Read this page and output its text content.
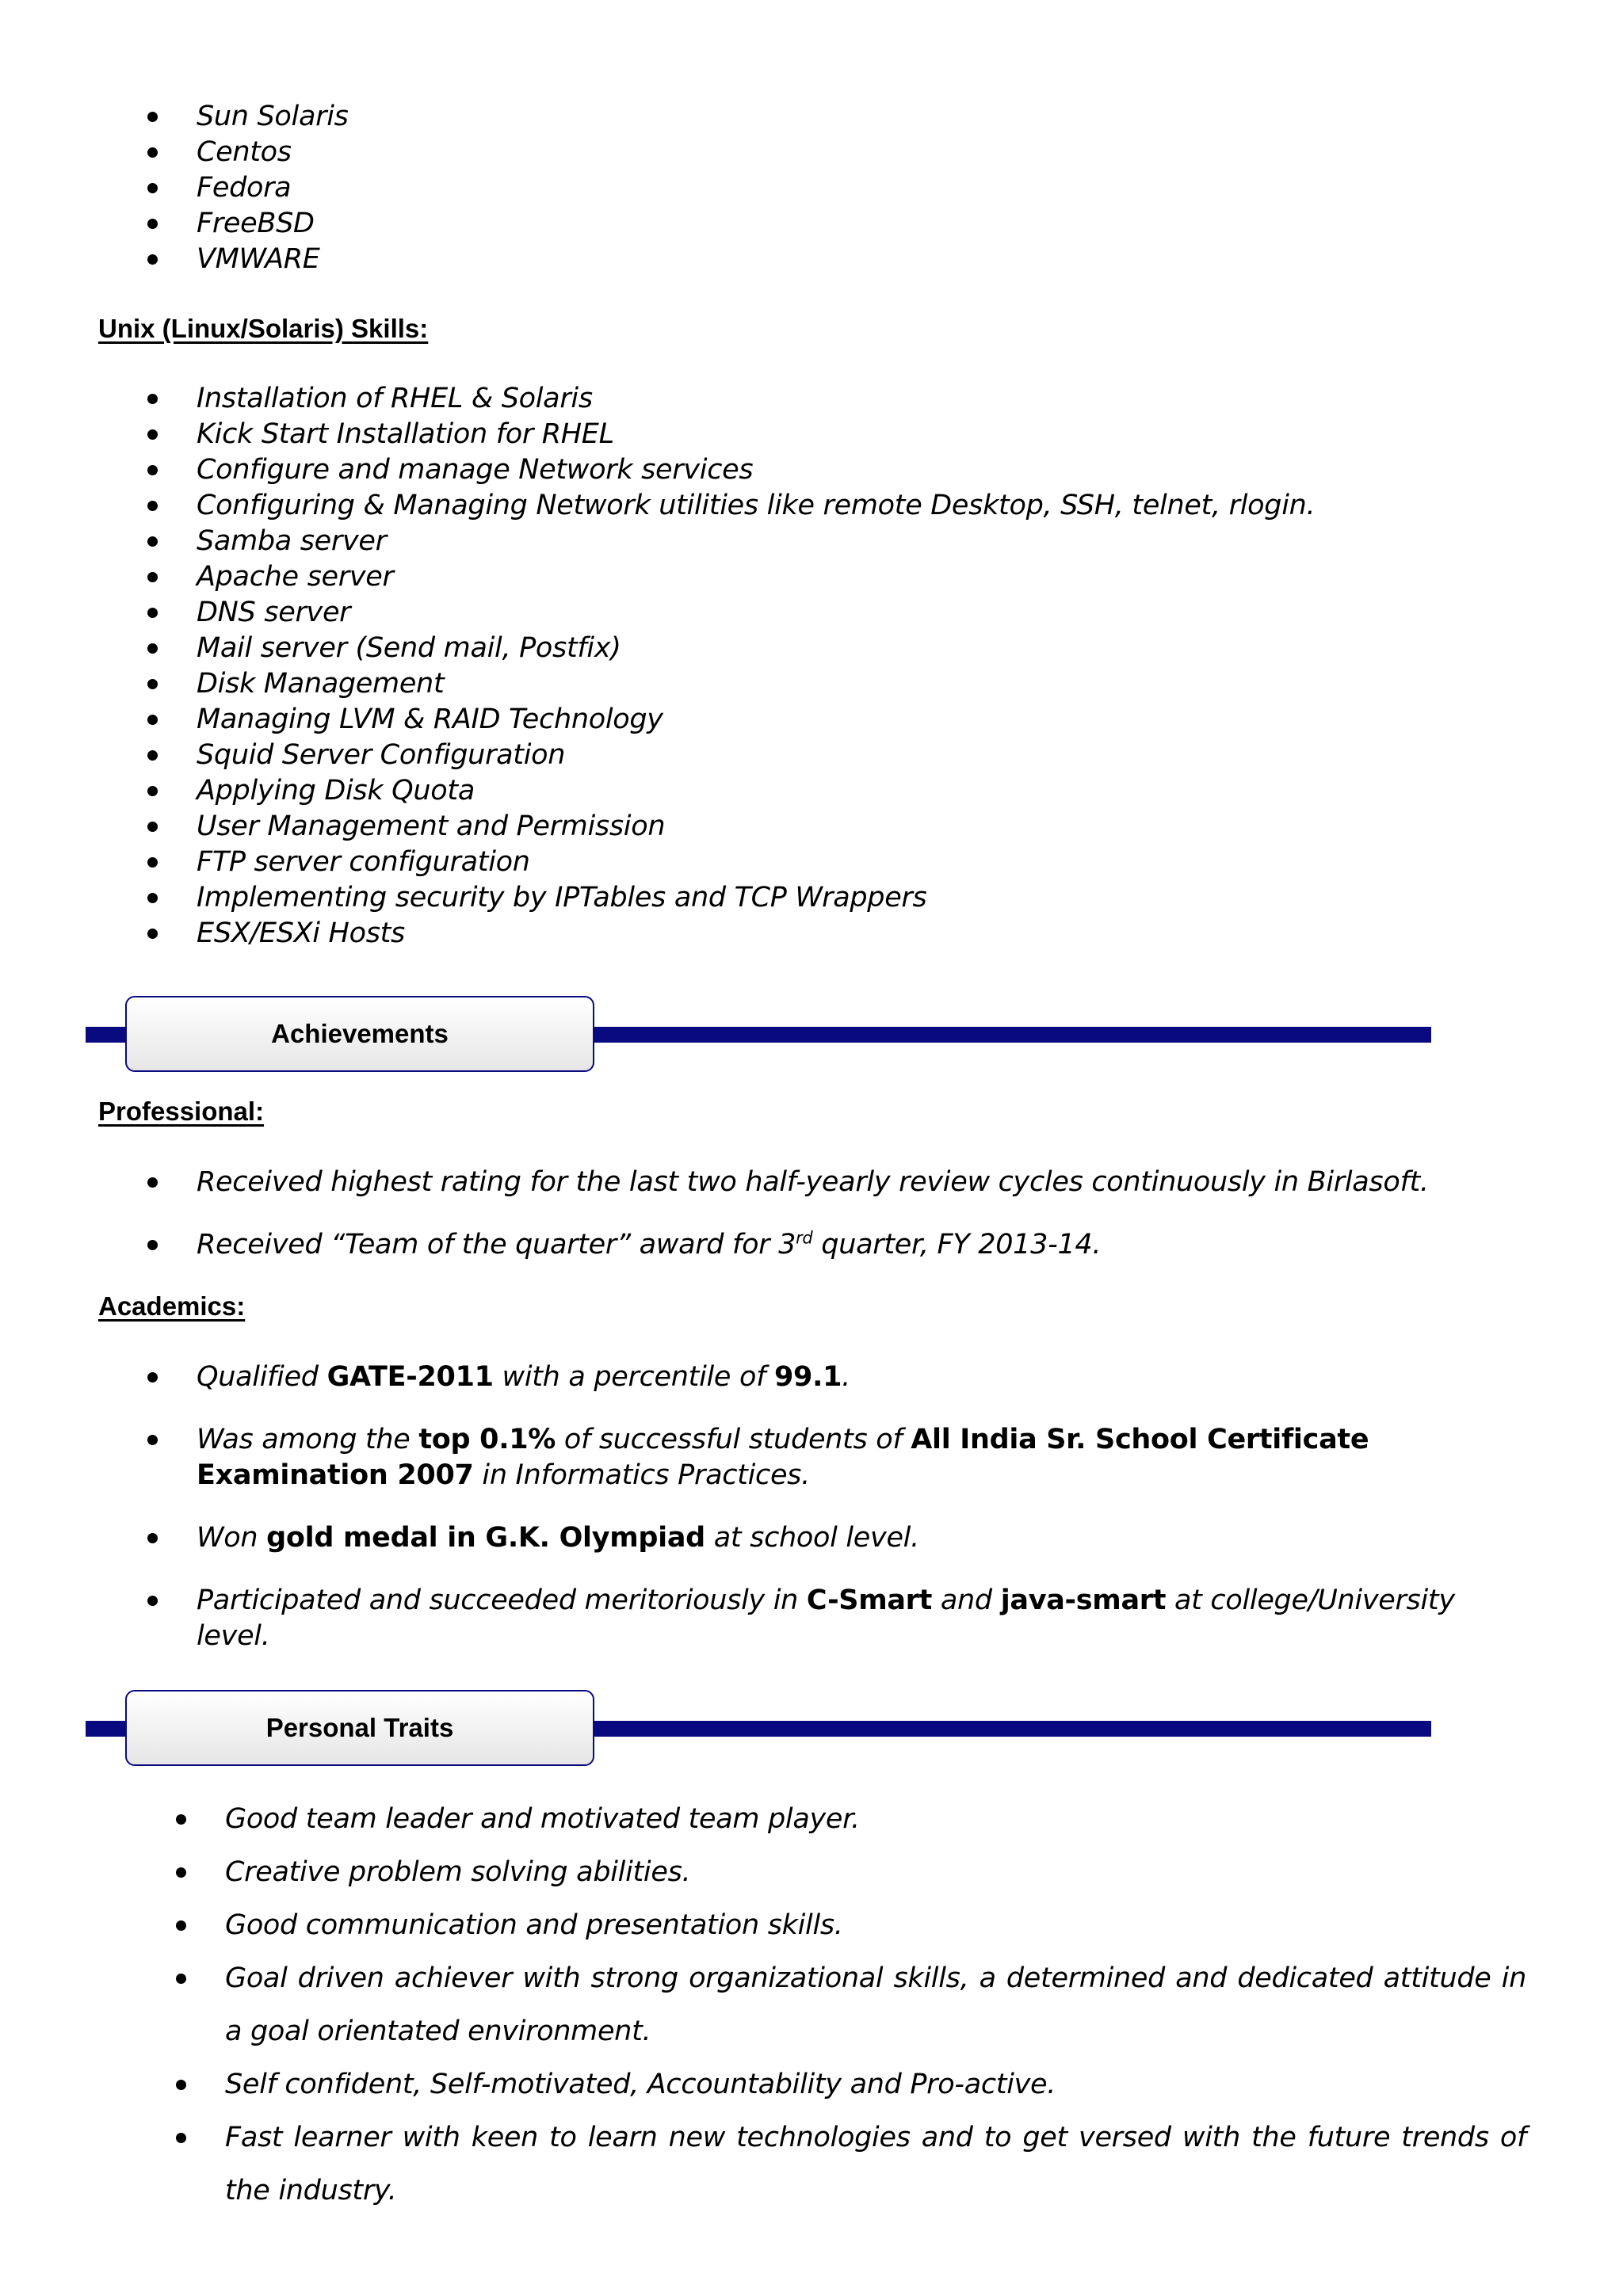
Sun Solaris
Centos
Fedora
FreeBSD
VMWARE
Unix (Linux/Solaris) Skills:
Installation of RHEL & Solaris
Kick Start Installation for RHEL
Configure and manage Network services
Configuring & Managing Network utilities like remote Desktop, SSH, telnet, rlogin.
Samba server
Apache server
DNS server
Mail server (Send mail, Postfix)
Disk Management
Managing LVM & RAID Technology
Squid Server Configuration
Applying Disk Quota
User Management and Permission
FTP server configuration
Implementing security by IPTables and TCP Wrappers
ESX/ESXi Hosts
Achievements
Professional:
Received highest rating for the last two half-yearly review cycles continuously in Birlasoft.
Received “Team of the quarter” award for 3rd quarter, FY 2013-14.
Academics:
Qualified GATE-2011 with a percentile of 99.1.
Was among the top 0.1% of successful students of All India Sr. School Certificate Examination 2007 in Informatics Practices.
Won gold medal in G.K. Olympiad at school level.
Participated and succeeded meritoriously in C-Smart and java-smart at college/University level.
Personal Traits
Good team leader and motivated team player.
Creative problem solving abilities.
Good communication and presentation skills.
Goal driven achiever with strong organizational skills, a determined and dedicated attitude in a goal orientated environment.
Self confident, Self-motivated, Accountability and Pro-active.
Fast learner with keen to learn new technologies and to get versed with the future trends of the industry.
